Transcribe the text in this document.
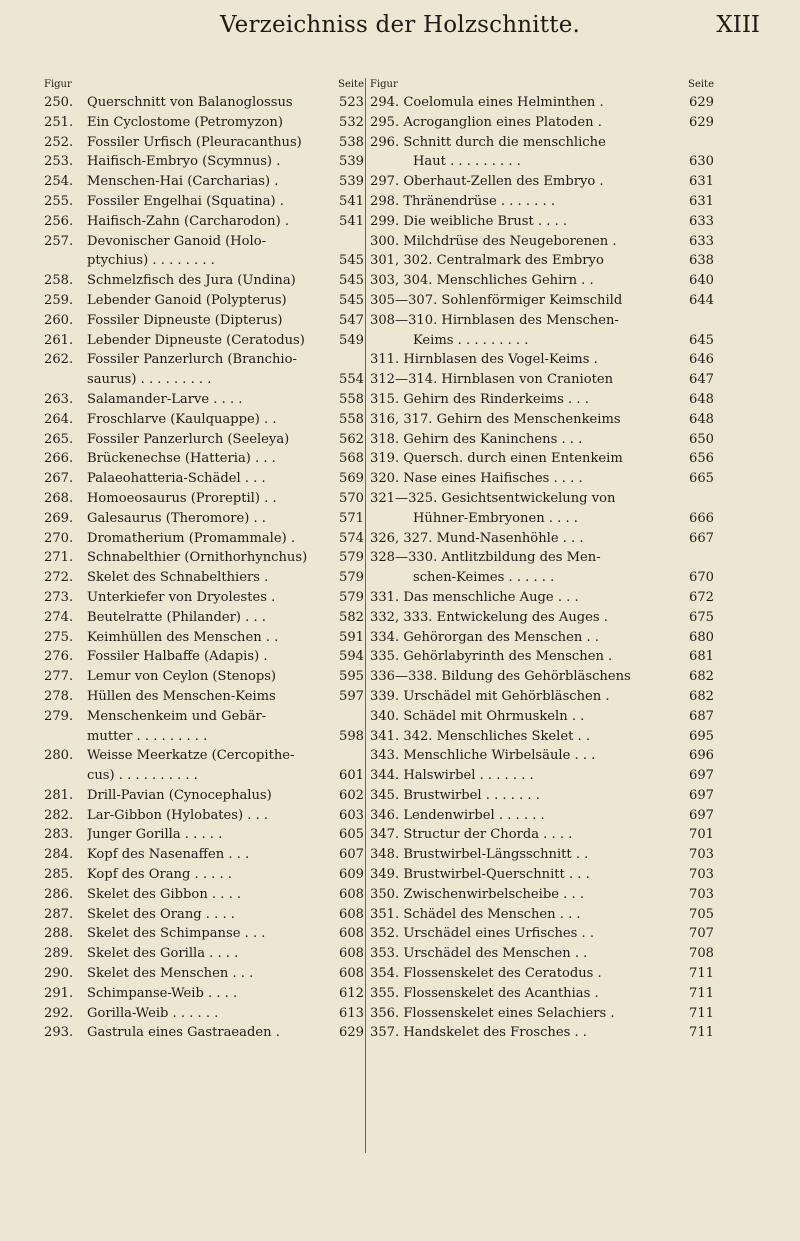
Verzeichniss der Holzschnitte.	XIII
Figur	Seite
250.	Querschnitt von Balanoglossus	523
251.	Ein Cyclostome (Petromyzon)	532
252.	Fossiler Urfisch (Pleuracanthus)	538
253.	Haifisch-Embryo (Scymnus) .	539
254.	Menschen-Hai (Carcharias) .	539
255.	Fossiler Engelhai (Squatina) .	541
256.	Haifisch-Zahn (Carcharodon) .	541
257.	Devonischer Ganoid (Holo-
ptychius) . . . . . . . .	545
258.	Schmelzfisch des Jura (Undina)	545
259.	Lebender Ganoid (Polypterus)	545
260.	Fossiler Dipneuste (Dipterus)	547
261.	Lebender Dipneuste (Ceratodus)	549
262.	Fossiler Panzerlurch (Branchio-
saurus) . . . . . . . . .	554
263.	Salamander-Larve . . . .	558
264.	Froschlarve (Kaulquappe) . .	558
265.	Fossiler Panzerlurch (Seeleya)	562
266.	Brückenechse (Hatteria) . . .	568
267.	Palaeohatteria-Schädel . . .	569
268.	Homoeosaurus (Proreptil) . .	570
269.	Galesaurus (Theromore) . .	571
270.	Dromatherium (Promammale) .	574
271.	Schnabelthier (Ornithorhynchus)	579
272.	Skelet des Schnabelthiers .	579
273.	Unterkiefer von Dryolestes .	579
274.	Beutelratte (Philander) . . .	582
275.	Keimhüllen des Menschen . .	591
276.	Fossiler Halbaffe (Adapis) .	594
277.	Lemur von Ceylon (Stenops)	595
278.	Hüllen des Menschen-Keims	597
279.	Menschenkeim und Gebär-
mutter . . . . . . . . .	598
280.	Weisse Meerkatze (Cercopithe-
cus) . . . . . . . . . .	601
281.	Drill-Pavian (Cynocephalus)	602
282.	Lar-Gibbon (Hylobates) . . .	603
283.	Junger Gorilla . . . . .	605
284.	Kopf des Nasenaffen . . .	607
285.	Kopf des Orang . . . . .	609
286.	Skelet des Gibbon . . . .	608
287.	Skelet des Orang . . . .	608
288.	Skelet des Schimpanse . . .	608
289.	Skelet des Gorilla . . . .	608
290.	Skelet des Menschen . . .	608
291.	Schimpanse-Weib . . . .	612
292.	Gorilla-Weib . . . . . .	613
293.	Gastrula eines Gastraeaden .	629
Figur	Seite
294. Coelomula eines Helminthen .	629
295. Acroganglion eines Platoden .	629
296. Schnitt durch die menschliche
Haut . . . . . . . . .	630
297. Oberhaut-Zellen des Embryo .	631
298. Thränendrüse . . . . . . .	631
299. Die weibliche Brust . . . .	633
300. Milchdrüse des Neugeborenen .	633
301, 302. Centralmark des Embryo	638
303, 304. Menschliches Gehirn . .	640
305—307. Sohlenförmiger Keimschild	644
308—310. Hirnblasen des Menschen-
Keims . . . . . . . . .	645
311. Hirnblasen des Vogel-Keims .	646
312—314. Hirnblasen von Cranioten	647
315. Gehirn des Rinderkeims . . .	648
316, 317. Gehirn des Menschenkeims	648
318. Gehirn des Kaninchens . . .	650
319. Quersch. durch einen Entenkeim	656
320. Nase eines Haifisches . . . .	665
321—325. Gesichtsentwickelung von
Hühner-Embryonen . . . .	666
326, 327. Mund-Nasenhöhle . . .	667
328—330. Antlitzbildung des Men-
schen-Keimes . . . . . .	670
331. Das menschliche Auge . . .	672
332, 333. Entwickelung des Auges .	675
334. Gehörorgan des Menschen . .	680
335. Gehörlabyrinth des Menschen .	681
336—338. Bildung des Gehörbläschens	682
339. Urschädel mit Gehörbläschen .	682
340. Schädel mit Ohrmuskeln . .	687
341. 342. Menschliches Skelet . .	695
343. Menschliche Wirbelsäule . . .	696
344. Halswirbel . . . . . . .	697
345. Brustwirbel . . . . . . .	697
346. Lendenwirbel . . . . . .	697
347. Structur der Chorda . . . .	701
348. Brustwirbel-Längsschnitt . .	703
349. Brustwirbel-Querschnitt . . .	703
350. Zwischenwirbelscheibe . . .	703
351. Schädel des Menschen . . .	705
352. Urschädel eines Urfisches . .	707
353. Urschädel des Menschen . .	708
354. Flossenskelet des Ceratodus .	711
355. Flossenskelet des Acanthias .	711
356. Flossenskelet eines Selachiers .	711
357. Handskelet des Frosches . .	711
